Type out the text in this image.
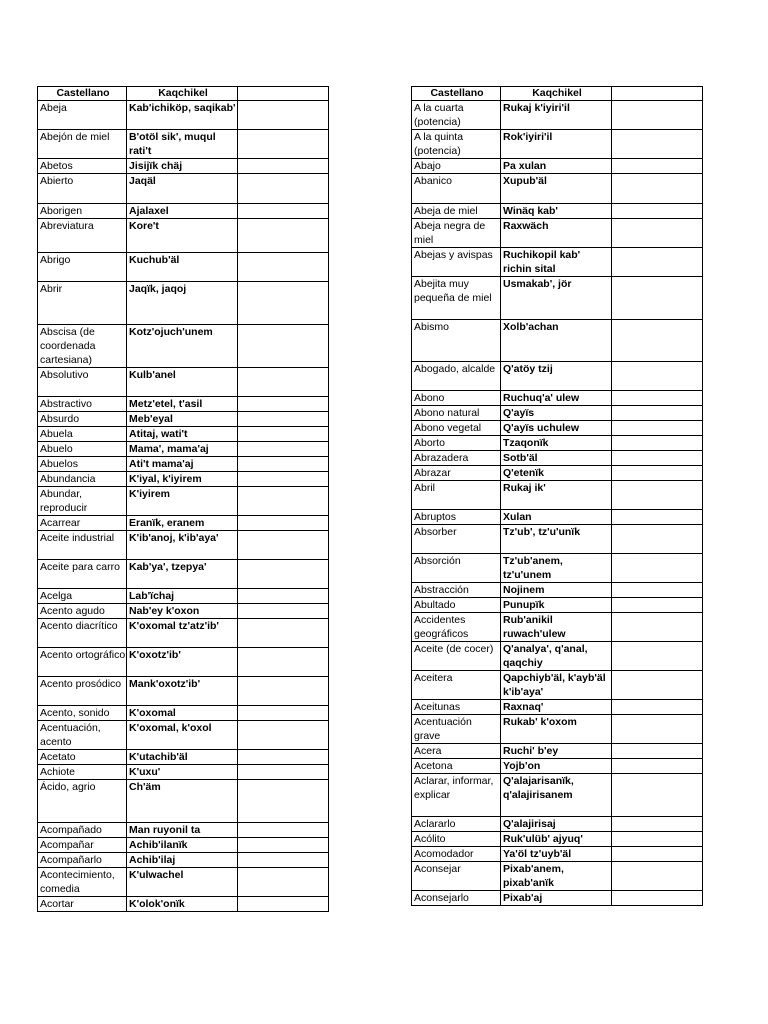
Castellano	Kaqchikel	
Abeja	Kab'ichiköp, saqikab'	
Abejón de miel	B'otöl sik', muqul rati't	
Abetos	Jisijïk chäj	
Abierto	Jaqäl	
Aborigen	Ajalaxel	
Abreviatura	Kore't	
Abrigo	Kuchub'äl	
Abrir	Jaqïk, jaqoj	
Abscisa (de coordenada cartesiana)	Kotz'ojuch'unem	
Absolutivo	Kulb'anel	
Abstractivo	Metz'etel, t'asil	
Absurdo	Meb'eyal	
Abuela	Atitaj, wati't	
Abuelo	Mama', mama'aj	
Abuelos	Ati't mama'aj	
Abundancia	K'iyal, k'iyirem	
Abundar, reproducir	K'iyirem	
Acarrear	Eranïk, eranem	
Aceite industrial	K'ib'anoj, k'ib'aya'	
Aceite para carro	Kab'ya', tzepya'	
Acelga	Lab'ïchaj	
Acento agudo	Nab'ey k'oxon	
Acento diacrítico	K'oxomal tz'atz'ib'	
Acento ortográfico	K'oxotz'ib'	
Acento prosódico	Mank'oxotz'ib'	
Acento, sonido	K'oxomal	
Acentuación, acento	K'oxomal, k'oxol	
Acetato	K'utachib'äl	
Achiote	K'uxu'	
Ácido, agrio	Ch'äm	
Acompañado	Man ruyonil ta	
Acompañar	Achib'ilanïk	
Acompañarlo	Achib'ilaj	
Acontecimiento, comedia	K'ulwachel	
Acortar	K'olok'onïk	
Castellano	Kaqchikel	
A la cuarta (potencia)	Rukaj k'iyiri'il	
A la quinta (potencia)	Rok'iyiri'il	
Abajo	Pa xulan	
Abanico	Xupub'äl	
Abeja de miel	Winäq kab'	
Abeja negra de miel	Raxwäch	
Abejas y avispas	Ruchikopil kab' richin sital	
Abejita muy pequeña de miel	Usmakab', jör	
Abismo	Xolb'achan	
Abogado, alcalde	Q'atöy tzij	
Abono	Ruchuq'a' ulew	
Abono natural	Q'ayïs	
Abono vegetal	Q'ayïs uchulew	
Aborto	Tzaqonïk	
Abrazadera	Sotb'äl	
Abrazar	Q'etenïk	
Abril	Rukaj ik'	
Abruptos	Xulan	
Absorber	Tz'ub', tz'u'unïk	
Absorción	Tz'ub'anem, tz'u'unem	
Abstracción	Nojinem	
Abultado	Punupïk	
Accidentes geográficos	Rub'anikil ruwach'ulew	
Aceite (de cocer)	Q'analya', q'anal, qaqchiy	
Aceitera	Qapchiyb'äl, k'ayb'äl k'ib'aya'	
Aceitunas	Raxnaq'	
Acentuación grave	Rukab' k'oxom	
Acera	Ruchi' b'ey	
Acetona	Yojb'on	
Aclarar, informar, explicar	Q'alajarisanïk, q'alajirisanem	
Aclararlo	Q'alajirisaj	
Acólito	Ruk'ulüb' ajyuq'	
Acomodador	Ya'öl tz'uyb'äl	
Aconsejar	Pixab'anem, pixab'anïk	
Aconsejarlo	Pixab'aj	
